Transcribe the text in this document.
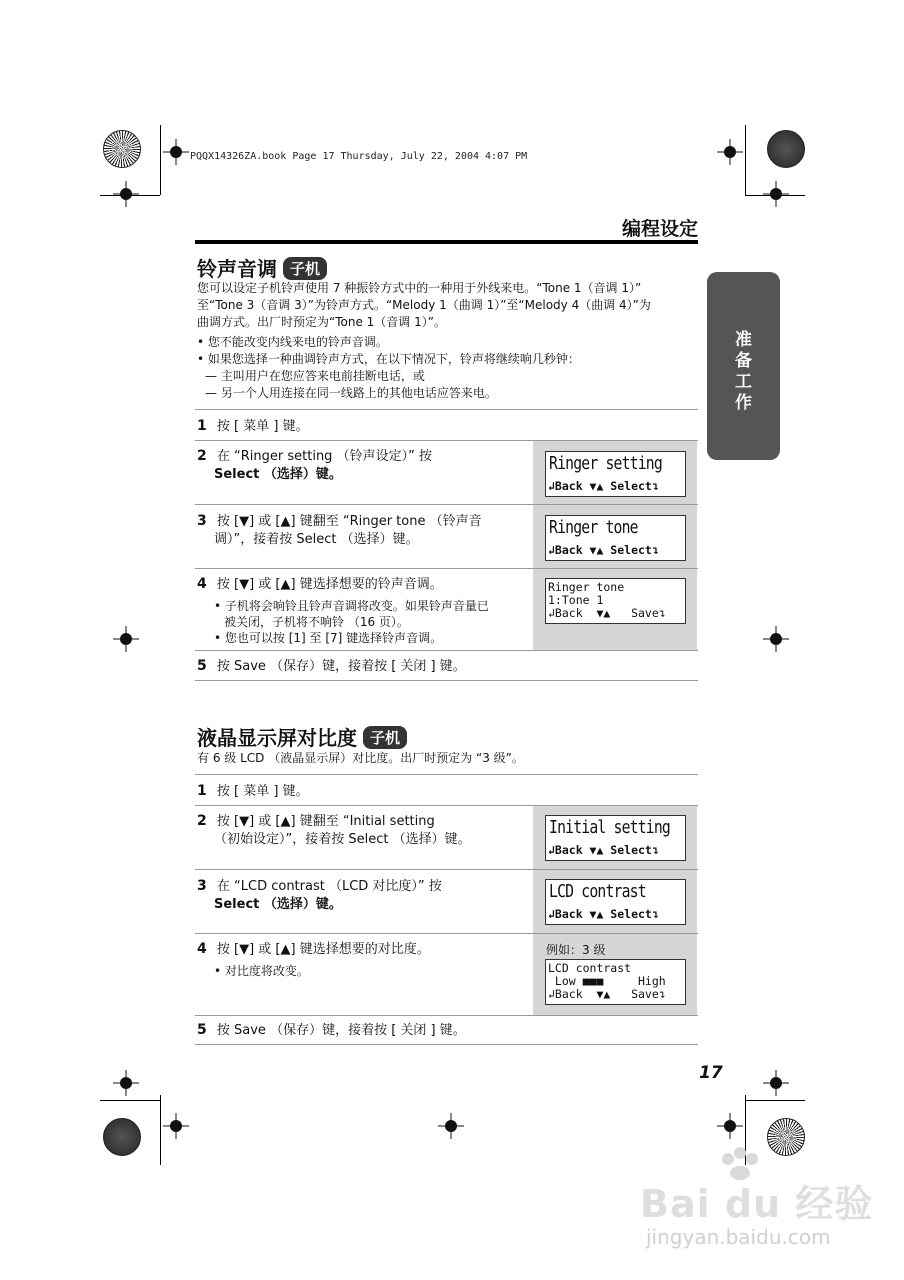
PQQX14326ZA.book Page 17 Thursday, July 22, 2004 4:07 PM
编程设定
准
备
工
作
铃声音调 子机
您可以设定子机铃声使用 7 种振铃方式中的一种用于外线来电。“Tone 1（音调 1）”
至“Tone 3（音调 3）”为铃声方式。“Melody 1（曲调 1）”至“Melody 4（曲调 4）”为
曲调方式。出厂时预定为“Tone 1（音调 1）”。
• 您不能改变内线来电的铃声音调。
• 如果您选择一种曲调铃声方式，在以下情况下，铃声将继续响几秒钟：
— 主叫用户在您应答来电前挂断电话，或
— 另一个人用连接在同一线路上的其他电话应答来电。
1 按 [ 菜单 ] 键。
2 在 “Ringer setting （铃声设定）” 按
Select （选择）键。
Ringer setting
↲Back ▼▲ Select↴
3 按 [▼] 或 [▲] 键翻至 “Ringer tone （铃声音
调）”，接着按 Select （选择）键。
Ringer tone
↲Back ▼▲ Select↴
4 按 [▼] 或 [▲] 键选择想要的铃声音调。
• 子机将会响铃且铃声音调将改变。如果铃声音量已
被关闭，子机将不响铃 （16 页）。
• 您也可以按 [1] 至 [7] 键选择铃声音调。
Ringer tone
1:Tone 1
↲Back  ▼▲   Save↴
5 按 Save （保存）键，接着按 [ 关闭 ] 键。
液晶显示屏对比度 子机
有 6 级 LCD （液晶显示屏）对比度。出厂时预定为 “3 级”。
1 按 [ 菜单 ] 键。
2 按 [▼] 或 [▲] 键翻至 “Initial setting
（初始设定）”，接着按 Select （选择）键。
Initial setting
↲Back ▼▲ Select↴
3 在 “LCD contrast （LCD 对比度）” 按
Select （选择）键。
LCD contrast
↲Back ▼▲ Select↴
4 按 [▼] 或 [▲] 键选择想要的对比度。
• 对比度将改变。
例如：3 级
LCD contrast
Low ■■■     High
↲Back  ▼▲   Save↴
5 按 Save （保存）键，接着按 [ 关闭 ] 键。
17
Bai du 经验
jingyan.baidu.com
